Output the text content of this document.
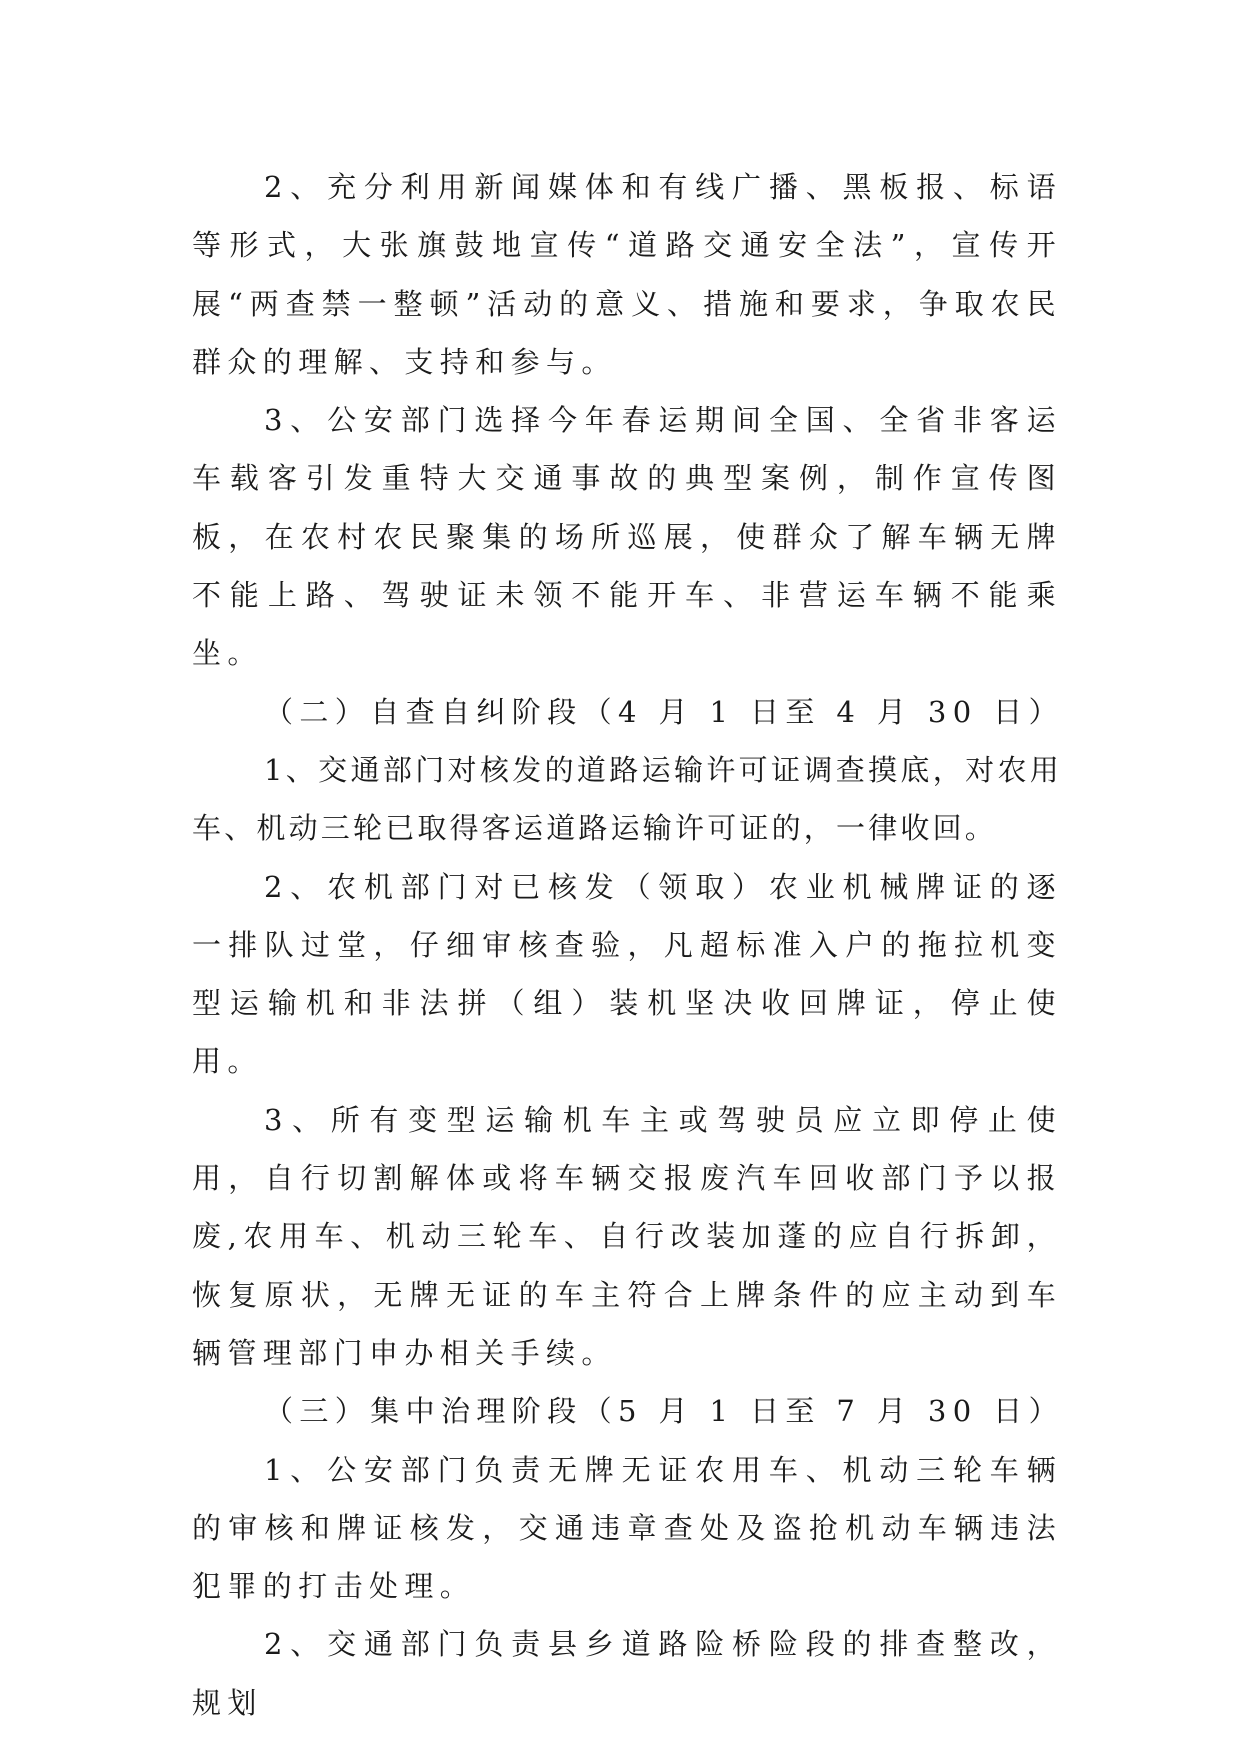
2、充分利用新闻媒体和有线广播、黑板报、标语等形式，大张旗鼓地宣传“道路交通安全法”，宣传开展“两查禁一整顿”活动的意义、措施和要求，争取农民群众的理解、支持和参与。

3、公安部门选择今年春运期间全国、全省非客运车载客引发重特大交通事故的典型案例，制作宣传图板，在农村农民聚集的场所巡展，使群众了解车辆无牌不能上路、驾驶证未领不能开车、非营运车辆不能乘坐。

（二）自查自纠阶段（4 月 1 日至 4 月 30 日）

1、交通部门对核发的道路运输许可证调查摸底，对农用车、机动三轮已取得客运道路运输许可证的，一律收回。

2、农机部门对已核发（领取）农业机械牌证的逐一排队过堂，仔细审核查验，凡超标准入户的拖拉机变型运输机和非法拼（组）装机坚决收回牌证，停止使用。

3、所有变型运输机车主或驾驶员应立即停止使用，自行切割解体或将车辆交报废汽车回收部门予以报废,农用车、机动三轮车、自行改装加蓬的应自行拆卸，恢复原状，无牌无证的车主符合上牌条件的应主动到车辆管理部门申办相关手续。

（三）集中治理阶段（5 月 1 日至 7 月 30 日）

1、公安部门负责无牌无证农用车、机动三轮车辆的审核和牌证核发，交通违章查处及盗抢机动车辆违法犯罪的打击处理。

2、交通部门负责县乡道路险桥险段的排查整改，规划
